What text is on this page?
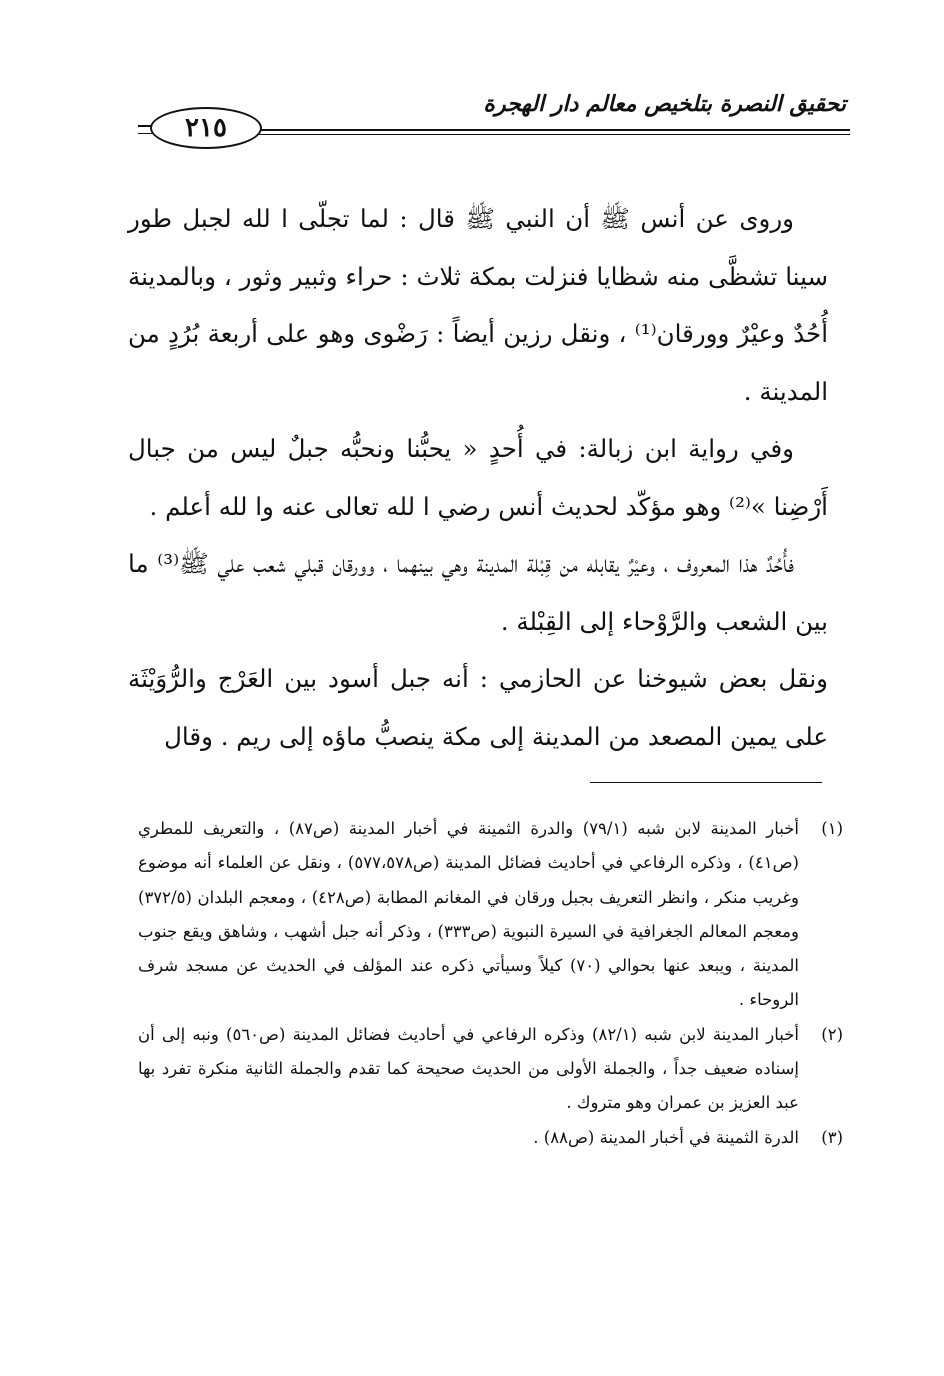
تحقيق النصرة بتلخيص معالم دار الهجرة
٢١٥

وروى عن أنس ﷺ أن النبي ﷺ قال : لما تجلّى ا لله لجبل طور سينا تشظَّى منه شظايا فنزلت بمكة ثلاث : حراء وثبير وثور ، وبالمدينة أُحُدٌ وعيْرٌ وورقان⁽¹⁾ ، ونقل رزين أيضاً : رَضْوى وهو على أربعة بُرُدٍ من المدينة .

وفي رواية ابن زبالة: في أُحدٍ « يحبُّنا ونحبُّه جبلٌ ليس من جبال أَرْضِنا »⁽²⁾ وهو مؤكّد لحديث أنس رضي ا لله تعالى عنه وا لله أعلم .

فأُحُدٌ هذا المعروف ، وعيْرٌ يقابله من قِبْلة المدينة وهي بينهما ، وورقان قبلي شعب علي ﷺ⁽³⁾ ما بين الشعب والرَّوْحاء إلى القِبْلة .

ونقل بعض شيوخنا عن الحازمي : أنه جبل أسود بين العَرْج والرُّوَيْثَة على يمين المصعد من المدينة إلى مكة ينصبُّ ماؤه إلى ريم . وقال

(١)
أخبار المدينة لابن شبه (٧٩/١) والدرة الثمينة في أخبار المدينة (ص٨٧) ، والتعريف للمطري (ص٤١) ، وذكره الرفاعي في أحاديث فضائل المدينة (ص٥٧٧،٥٧٨) ، ونقل عن العلماء أنه موضوع وغريب منكر ، وانظر التعريف بجبل ورقان في المغانم المطابة (ص٤٢٨) ، ومعجم البلدان (٣٧٢/٥) ومعجم المعالم الجغرافية في السيرة النبوية (ص٣٣٣) ، وذكر أنه جبل أشهب ، وشاهق ويقع جنوب المدينة ، ويبعد عنها بحوالي (٧٠) كيلاً وسيأتي ذكره عند المؤلف في الحديث عن مسجد شرف الروحاء .
(٢)
أخبار المدينة لابن شبه (٨٢/١) وذكره الرفاعي في أحاديث فضائل المدينة (ص٥٦٠) ونبه إلى أن إسناده ضعيف جداً ، والجملة الأولى من الحديث صحيحة كما تقدم والجملة الثانية منكرة تفرد بها عبد العزيز بن عمران وهو متروك .
(٣)
الدرة الثمينة في أخبار المدينة (ص٨٨) .
